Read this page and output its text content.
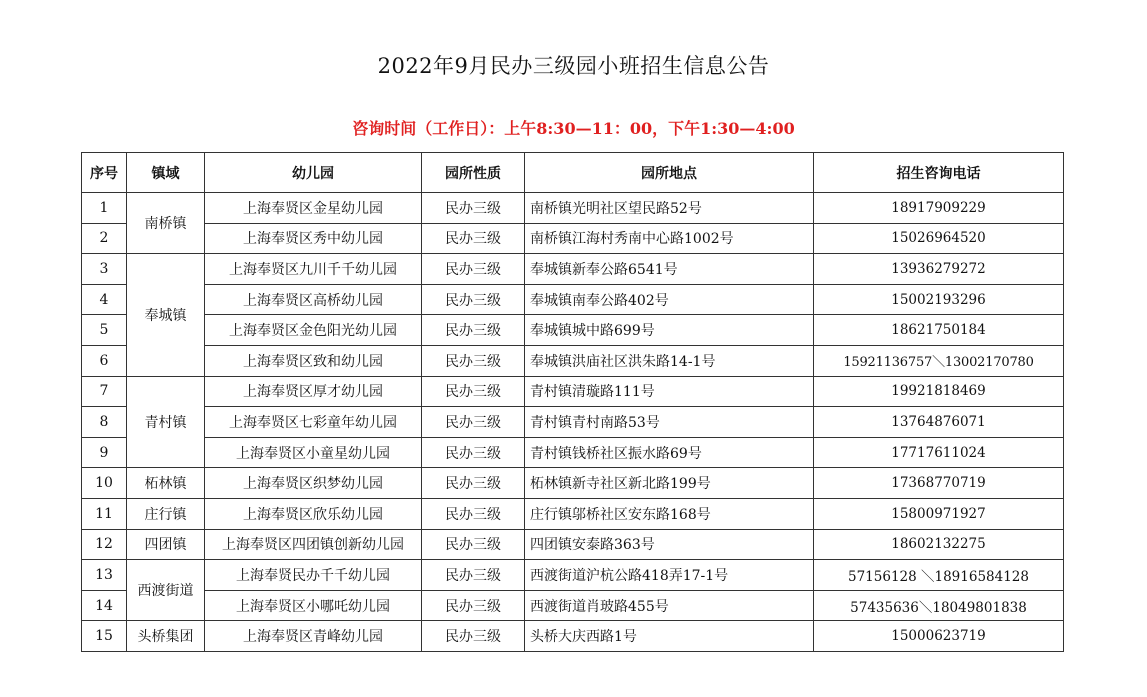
2022年9月民办三级园小班招生信息公告
咨询时间（工作日）：上午8:30—11：00，下午1:30—4:00
序号	镇域	幼儿园	园所性质	园所地点	招生咨询电话
1	南桥镇	上海奉贤区金星幼儿园	民办三级	南桥镇光明社区望民路52号	18917909229
2		上海奉贤区秀中幼儿园	民办三级	南桥镇江海村秀南中心路1002号	15026964520
3	奉城镇	上海奉贤区九川千千幼儿园	民办三级	奉城镇新奉公路6541号	13936279272
4		上海奉贤区高桥幼儿园	民办三级	奉城镇南奉公路402号	15002193296
5		上海奉贤区金色阳光幼儿园	民办三级	奉城镇城中路699号	18621750184
6		上海奉贤区致和幼儿园	民办三级	奉城镇洪庙社区洪朱路14-1号	15921136757＼13002170780
7	青村镇	上海奉贤区厚才幼儿园	民办三级	青村镇清璇路111号	19921818469
8		上海奉贤区七彩童年幼儿园	民办三级	青村镇青村南路53号	13764876071
9		上海奉贤区小童星幼儿园	民办三级	青村镇钱桥社区振水路69号	17717611024
10	柘林镇	上海奉贤区织梦幼儿园	民办三级	柘林镇新寺社区新北路199号	17368770719
11	庄行镇	上海奉贤区欣乐幼儿园	民办三级	庄行镇邬桥社区安东路168号	15800971927
12	四团镇	上海奉贤区四团镇创新幼儿园	民办三级	四团镇安泰路363号	18602132275
13	西渡街道	上海奉贤民办千千幼儿园	民办三级	西渡街道沪杭公路418弄17-1号	57156128 ＼18916584128
14		上海奉贤区小哪吒幼儿园	民办三级	西渡街道肖玻路455号	57435636＼18049801838
15	头桥集团	上海奉贤区青峰幼儿园	民办三级	头桥大庆西路1号	15000623719
